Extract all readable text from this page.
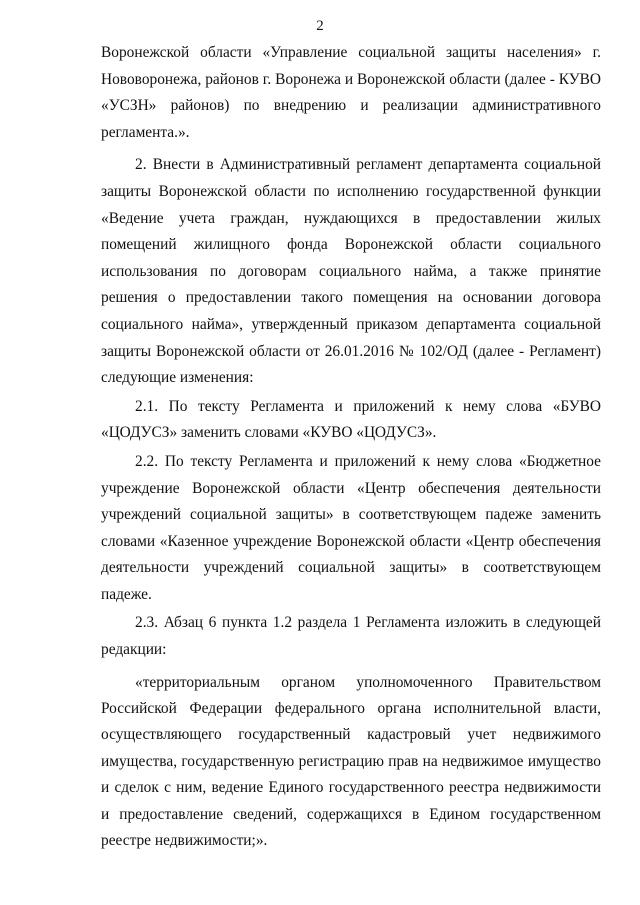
2

Воронежской области «Управление социальной защиты населения» г. Нововоронежа, районов г. Воронежа и Воронежской области (далее - КУВО «УСЗН» районов) по внедрению и реализации административного регламента.».

2. Внести в Административный регламент департамента социальной защиты Воронежской области по исполнению государственной функции «Ведение учета граждан, нуждающихся в предоставлении жилых помещений жилищного фонда Воронежской области социального использования по договорам социального найма, а также принятие решения о предоставлении такого помещения на основании договора социального найма», утвержденный приказом департамента социальной защиты Воронежской области от 26.01.2016 № 102/ОД (далее - Регламент) следующие изменения:

2.1. По тексту Регламента и приложений к нему слова «БУВО «ЦОДУСЗ» заменить словами «КУВО «ЦОДУСЗ».

2.2. По тексту Регламента и приложений к нему слова «Бюджетное учреждение Воронежской области «Центр обеспечения деятельности учреждений социальной защиты» в соответствующем падеже заменить словами «Казенное учреждение Воронежской области «Центр обеспечения деятельности учреждений социальной защиты» в соответствующем падеже.

2.3. Абзац 6 пункта 1.2 раздела 1 Регламента изложить в следующей редакции:

«территориальным органом уполномоченного Правительством Российской Федерации федерального органа исполнительной власти, осуществляющего государственный кадастровый учет недвижимого имущества, государственную регистрацию прав на недвижимое имущество и сделок с ним, ведение Единого государственного реестра недвижимости и предоставление сведений, содержащихся в Едином государственном реестре недвижимости;».
